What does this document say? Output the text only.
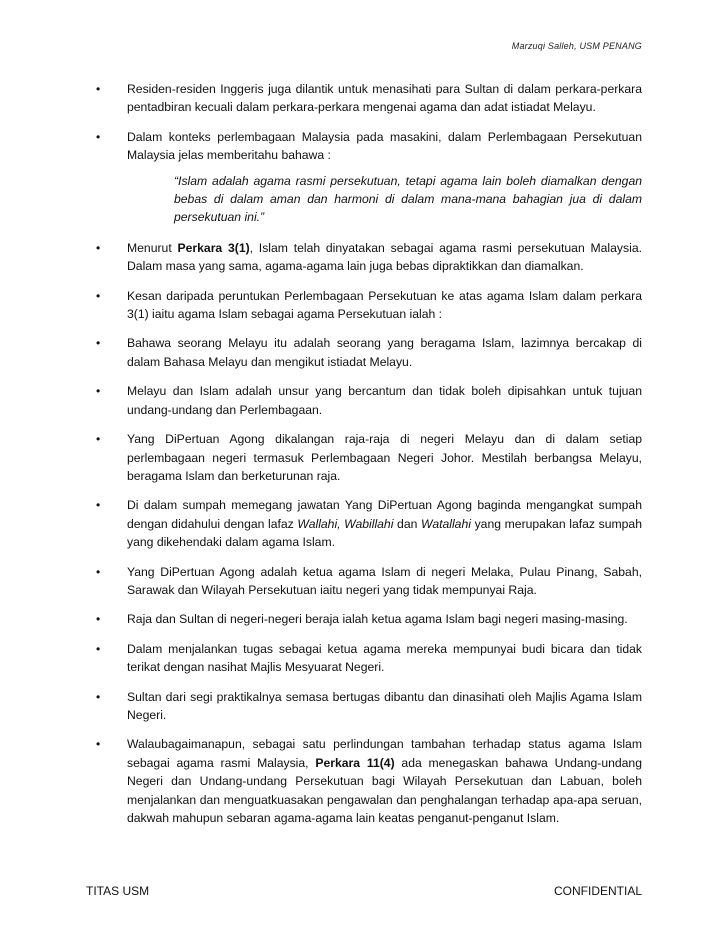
Marzuqi Salleh, USM PENANG
•	Residen-residen Inggeris juga dilantik untuk menasihati para Sultan di dalam perkara-perkara pentadbiran kecuali dalam perkara-perkara mengenai agama dan adat istiadat Melayu.
•	Dalam konteks perlembagaan Malaysia pada masakini, dalam Perlembagaan Persekutuan Malaysia jelas memberitahu bahawa :
“Islam adalah agama rasmi persekutuan, tetapi agama lain boleh diamalkan dengan bebas di dalam aman dan harmoni di dalam mana-mana bahagian jua di dalam persekutuan ini.”
•	Menurut Perkara 3(1), Islam telah dinyatakan sebagai agama rasmi persekutuan Malaysia. Dalam masa yang sama, agama-agama lain juga bebas dipraktikkan dan diamalkan.
•	Kesan daripada peruntukan Perlembagaan Persekutuan ke atas agama Islam dalam perkara 3(1) iaitu agama Islam sebagai agama Persekutuan ialah :
•	Bahawa seorang Melayu itu adalah seorang yang beragama Islam, lazimnya bercakap di dalam Bahasa Melayu dan mengikut istiadat Melayu.
•	Melayu dan Islam adalah unsur yang bercantum dan tidak boleh dipisahkan untuk tujuan undang-undang dan Perlembagaan.
•	Yang DiPertuan Agong dikalangan raja-raja di negeri Melayu dan di dalam setiap perlembagaan negeri termasuk Perlembagaan Negeri Johor. Mestilah berbangsa Melayu, beragama Islam dan berketurunan raja.
•	Di dalam sumpah memegang jawatan Yang DiPertuan Agong baginda mengangkat sumpah dengan didahului dengan lafaz Wallahi, Wabillahi dan Watallahi yang merupakan lafaz sumpah yang dikehendaki dalam agama Islam.
•	Yang DiPertuan Agong adalah ketua agama Islam di negeri Melaka, Pulau Pinang, Sabah, Sarawak dan Wilayah Persekutuan iaitu negeri yang tidak mempunyai Raja.
•	Raja dan Sultan di negeri-negeri beraja ialah ketua agama Islam bagi negeri masing-masing.
•	Dalam menjalankan tugas sebagai ketua agama mereka mempunyai budi bicara dan tidak terikat dengan nasihat Majlis Mesyuarat Negeri.
•	Sultan dari segi praktikalnya semasa bertugas dibantu dan dinasihati oleh Majlis Agama Islam Negeri.
•	Walaubagaimanapun, sebagai satu perlindungan tambahan terhadap status agama Islam sebagai agama rasmi Malaysia, Perkara 11(4) ada menegaskan bahawa Undang-undang Negeri dan Undang-undang Persekutuan bagi Wilayah Persekutuan dan Labuan, boleh menjalankan dan menguatkuasakan pengawalan dan penghalangan terhadap apa-apa seruan, dakwah mahupun sebaran agama-agama lain keatas penganut-penganut Islam.
TITAS USM	CONFIDENTIAL
